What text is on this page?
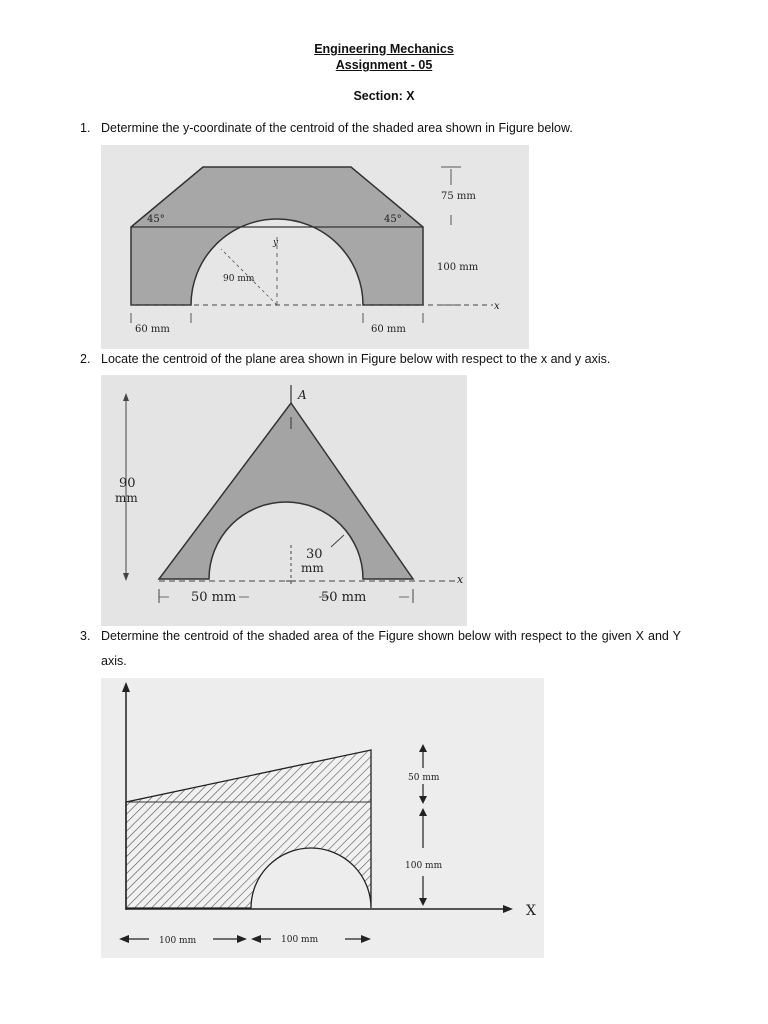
Engineering Mechanics
Assignment - 05
Section: X
1. Determine the y-coordinate of the centroid of the shaded area shown in Figure below.
45°	45°
75 mm
100 mm
90 mm
y
x
60 mm	60 mm
2. Locate the centroid of the plane area shown in Figure below with respect to the x and y axis.
A
90
mm
30
mm
50 mm	50 mm
x
3. Determine the centroid of the shaded area of the Figure shown below with respect to the given X and Y axis.
50 mm
100 mm
X
100 mm	100 mm
